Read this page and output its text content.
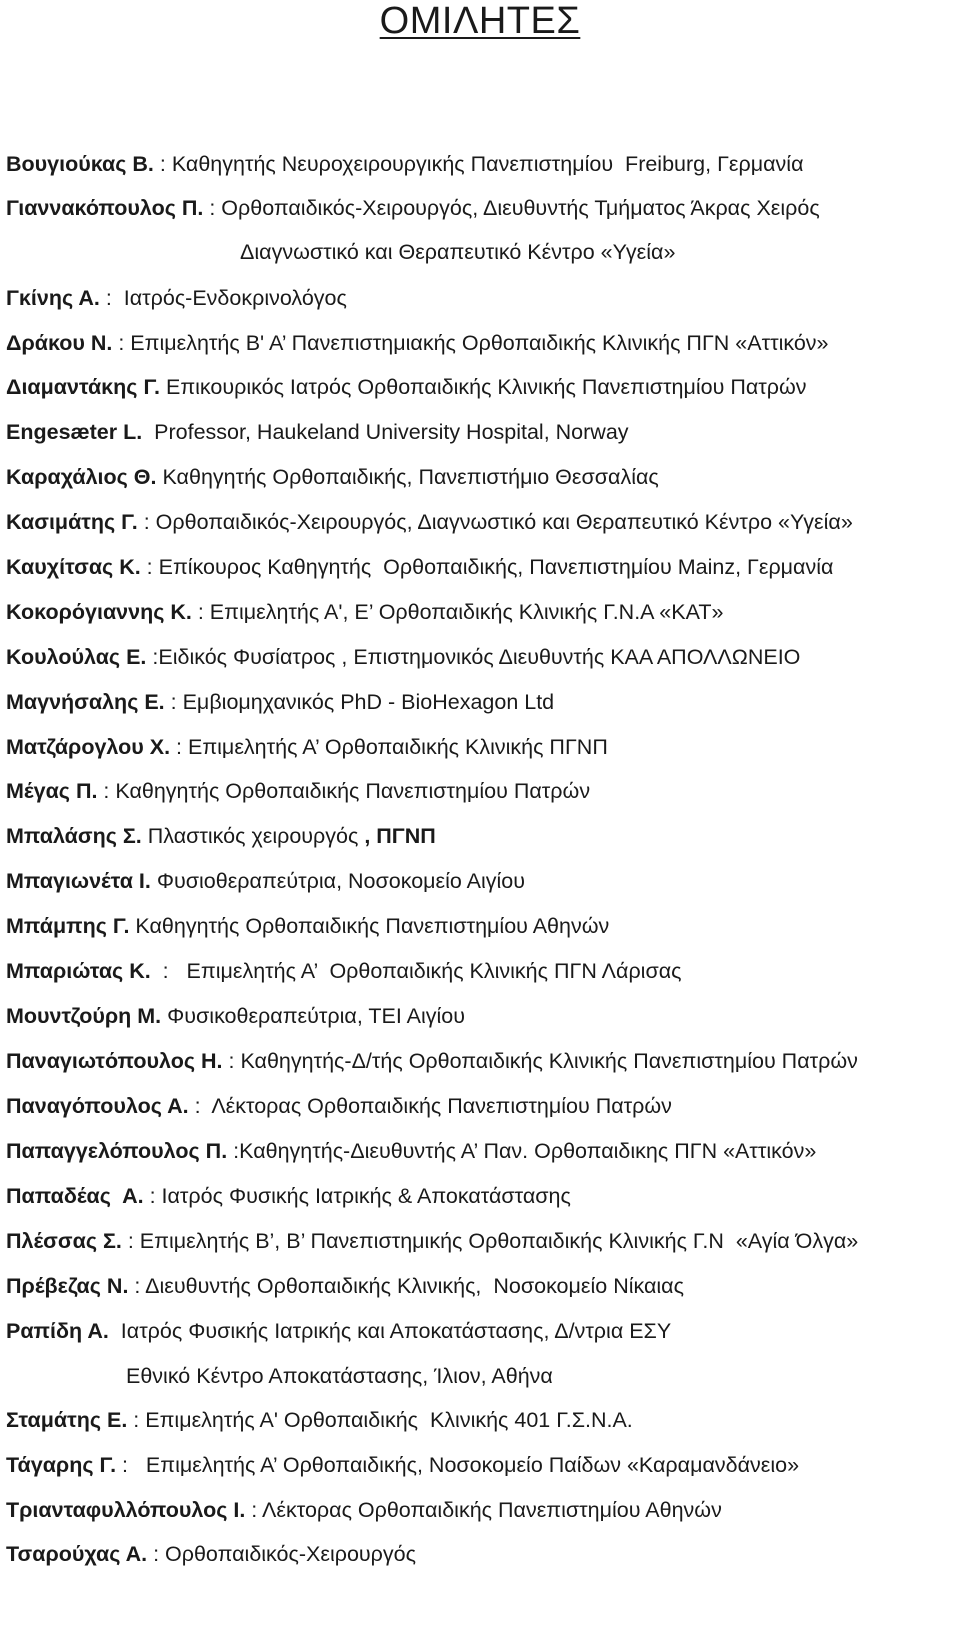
ΟΜΙΛΗΤΕΣ
Βουγιούκας Β. : Καθηγητής Νευροχειρουργικής Πανεπιστημίου  Freiburg, Γερμανία
Γιαννακόπουλος Π. : Ορθοπαιδικός-Χειρουργός, Διευθυντής Τμήματος Άκρας Χειρός
Διαγνωστικό και Θεραπευτικό Κέντρο «Υγεία»
Γκίνης Α. :  Ιατρός-Ενδοκρινολόγος
Δράκου Ν. : Επιμελητής Β' Α’ Πανεπιστημιακής Ορθοπαιδικής Κλινικής ΠΓΝ «Αττικόν»
Διαμαντάκης Γ. Επικουρικός Ιατρός Ορθοπαιδικής Κλινικής Πανεπιστημίου Πατρών
Engesæter L.  Professor, Haukeland University Hospital, Norway
Καραχάλιος Θ. Καθηγητής Ορθοπαιδικής, Πανεπιστήμιο Θεσσαλίας
Κασιμάτης Γ. : Ορθοπαιδικός-Χειρουργός, Διαγνωστικό και Θεραπευτικό Κέντρο «Υγεία»
Καυχίτσας Κ. : Επίκουρος Καθηγητής  Ορθοπαιδικής, Πανεπιστημίου Mainz, Γερμανία
Κοκορόγιαννης Κ. : Επιμελητής Α', Ε’ Ορθοπαιδικής Κλινικής Γ.Ν.Α «ΚΑΤ»
Κουλούλας Ε. :Ειδικός Φυσίατρος , Επιστημονικός Διευθυντής ΚΑΑ ΑΠΟΛΛΩΝΕΙΟ
Μαγνήσαλης Ε. : Εμβιομηχανικός PhD - BioHexagon Ltd
Ματζάρογλου Χ. : Επιμελητής Α’ Ορθοπαιδικής Κλινικής ΠΓΝΠ
Μέγας Π. : Καθηγητής Ορθοπαιδικής Πανεπιστημίου Πατρών
Μπαλάσης Σ. Πλαστικός χειρουργός , ΠΓΝΠ
Μπαγιωνέτα Ι. Φυσιοθεραπεύτρια, Νοσοκομείο Αιγίου
Μπάμπης Γ. Καθηγητής Ορθοπαιδικής Πανεπιστημίου Αθηνών
Μπαριώτας Κ.  :   Επιμελητής Α’  Ορθοπαιδικής Κλινικής ΠΓΝ Λάρισας
Μουντζούρη Μ. Φυσικοθεραπεύτρια, ΤΕΙ Αιγίου
Παναγιωτόπουλος Η. : Καθηγητής-Δ/τής Ορθοπαιδικής Κλινικής Πανεπιστημίου Πατρών
Παναγόπουλος Α. :  Λέκτορας Ορθοπαιδικής Πανεπιστημίου Πατρών
Παπαγγελόπουλος Π. :Καθηγητής-Διευθυντής Α’ Παν. Ορθοπαιδικης ΠΓΝ «Αττικόν»
Παπαδέας  Α. : Ιατρός Φυσικής Ιατρικής & Αποκατάστασης
Πλέσσας Σ. : Επιμελητής Β’, Β’ Πανεπιστημικής Ορθοπαιδικής Κλινικής Γ.Ν  «Αγία Όλγα»
Πρέβεζας Ν. : Διευθυντής Ορθοπαιδικής Κλινικής,  Νοσοκομείο Νίκαιας
Ραπίδη Α.  Ιατρός Φυσικής Ιατρικής και Αποκατάστασης, Δ/ντρια ΕΣΥ
Εθνικό Κέντρο Αποκατάστασης, Ίλιον, Αθήνα
Σταμάτης Ε. : Επιμελητής Α' Ορθοπαιδικής  Κλινικής 401 Γ.Σ.Ν.Α.
Τάγαρης Γ. :   Επιμελητής Α’ Ορθοπαιδικής, Νοσοκομείο Παίδων «Καραμανδάνειο»
Τριανταφυλλόπουλος Ι. : Λέκτορας Ορθοπαιδικής Πανεπιστημίου Αθηνών
Τσαρούχας Α. : Ορθοπαιδικός-Χειρουργός
